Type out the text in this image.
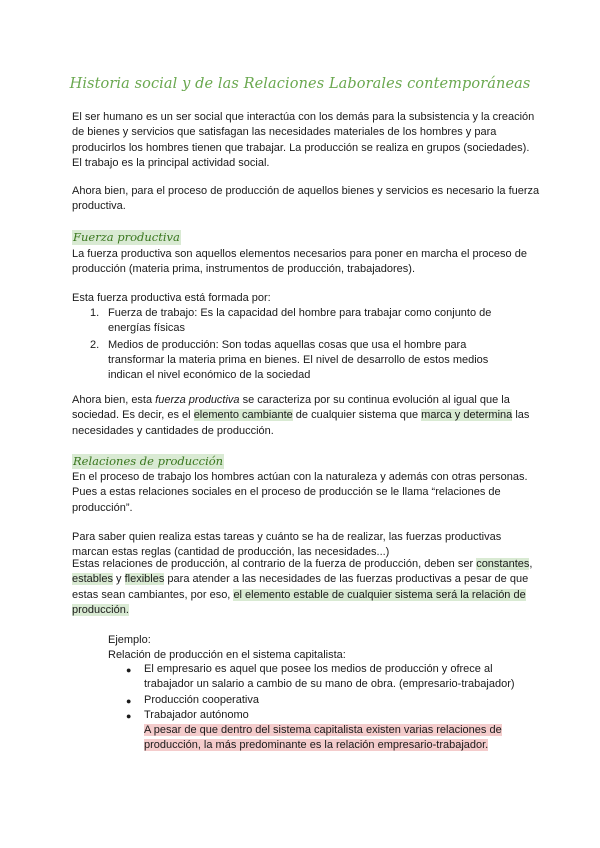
Historia social y de las Relaciones Laborales contemporáneas
El ser humano es un ser social que interactúa con los demás para la subsistencia y la creación de bienes y servicios que satisfagan las necesidades materiales de los hombres y para producirlos los hombres tienen que trabajar. La producción se realiza en grupos (sociedades). El trabajo es la principal actividad social.
Ahora bien, para el proceso de producción de aquellos bienes y servicios es necesario la fuerza productiva.
Fuerza productiva
La fuerza productiva son aquellos elementos necesarios para poner en marcha el proceso de producción (materia prima, instrumentos de producción, trabajadores).
Esta fuerza productiva está formada por:
1. Fuerza de trabajo: Es la capacidad del hombre para trabajar como conjunto de energías físicas
2. Medios de producción: Son todas aquellas cosas que usa el hombre para transformar la materia prima en bienes. El nivel de desarrollo de estos medios indican el nivel económico de la sociedad
Ahora bien, esta fuerza productiva se caracteriza por su continua evolución al igual que la sociedad. Es decir, es el elemento cambiante de cualquier sistema que marca y determina las necesidades y cantidades de producción.
Relaciones de producción
En el proceso de trabajo los hombres actúan con la naturaleza y además con otras personas. Pues a estas relaciones sociales en el proceso de producción se le llama “relaciones de producción”.
Para saber quien realiza estas tareas y cuánto se ha de realizar, las fuerzas productivas marcan estas reglas (cantidad de producción, las necesidades...)
Estas relaciones de producción, al contrario de la fuerza de producción, deben ser constantes, estables y flexibles para atender a las necesidades de las fuerzas productivas a pesar de que estas sean cambiantes, por eso, el elemento estable de cualquier sistema será la relación de producción.
Ejemplo:
Relación de producción en el sistema capitalista:
● El empresario es aquel que posee los medios de producción y ofrece al trabajador un salario a cambio de su mano de obra. (empresario-trabajador)
● Producción cooperativa
● Trabajador autónomo
A pesar de que dentro del sistema capitalista existen varias relaciones de producción, la más predominante es la relación empresario-trabajador.
